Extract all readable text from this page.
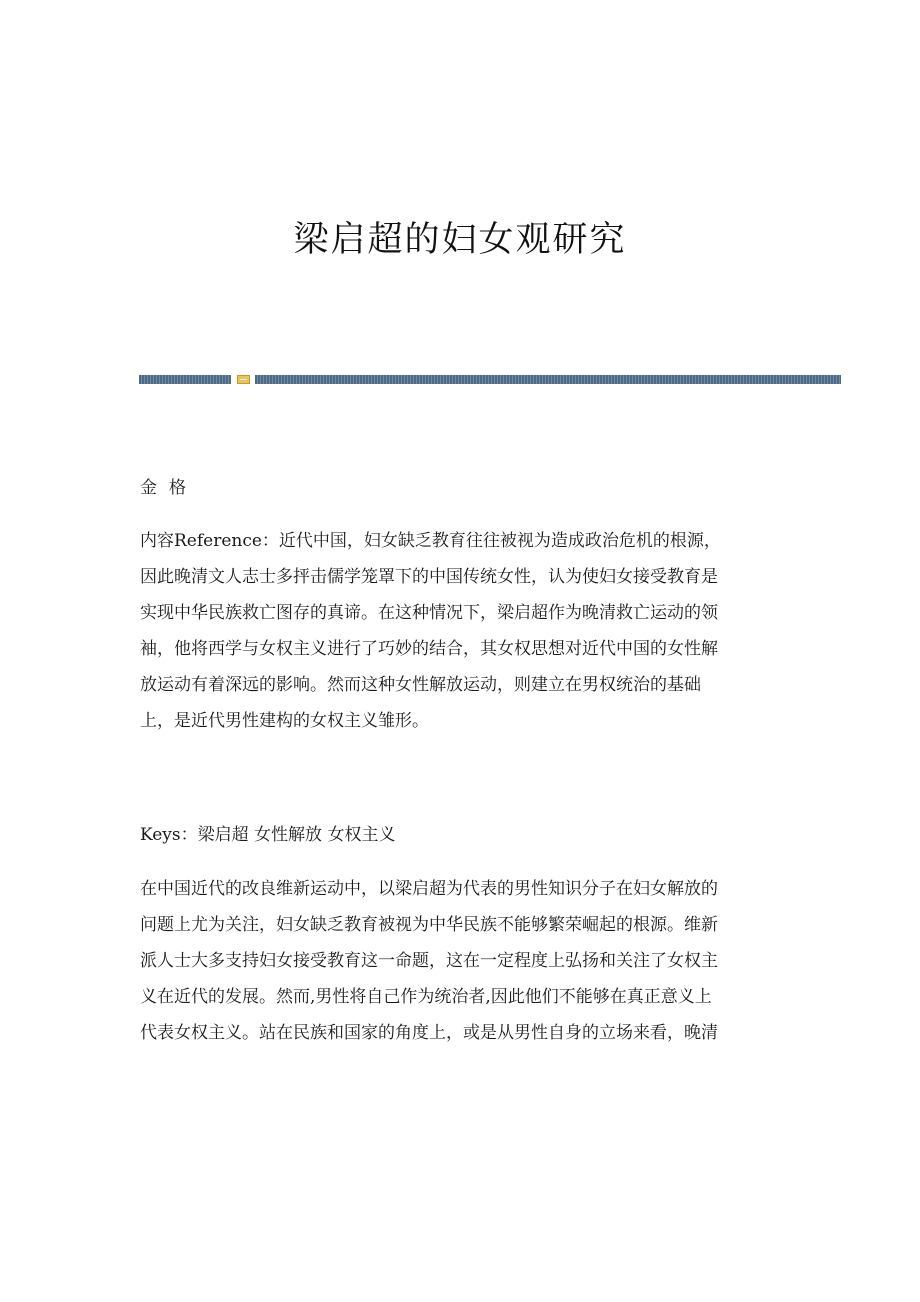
梁启超的妇女观研究
金格
内容Reference：近代中国，妇女缺乏教育往往被视为造成政治危机的根源，
因此晚清文人志士多抨击儒学笼罩下的中国传统女性，认为使妇女接受教育是
实现中华民族救亡图存的真谛。在这种情况下，梁启超作为晚清救亡运动的领
袖，他将西学与女权主义进行了巧妙的结合，其女权思想对近代中国的女性解
放运动有着深远的影响。然而这种女性解放运动，则建立在男权统治的基础
上，是近代男性建构的女权主义雏形。
Keys：梁启超 女性解放 女权主义
在中国近代的改良维新运动中，以梁启超为代表的男性知识分子在妇女解放的
问题上尤为关注，妇女缺乏教育被视为中华民族不能够繁荣崛起的根源。维新
派人士大多支持妇女接受教育这一命题，这在一定程度上弘扬和关注了女权主
义在近代的发展。然而,男性将自己作为统治者,因此他们不能够在真正意义上
代表女权主义。站在民族和国家的角度上，或是从男性自身的立场来看，晚清
